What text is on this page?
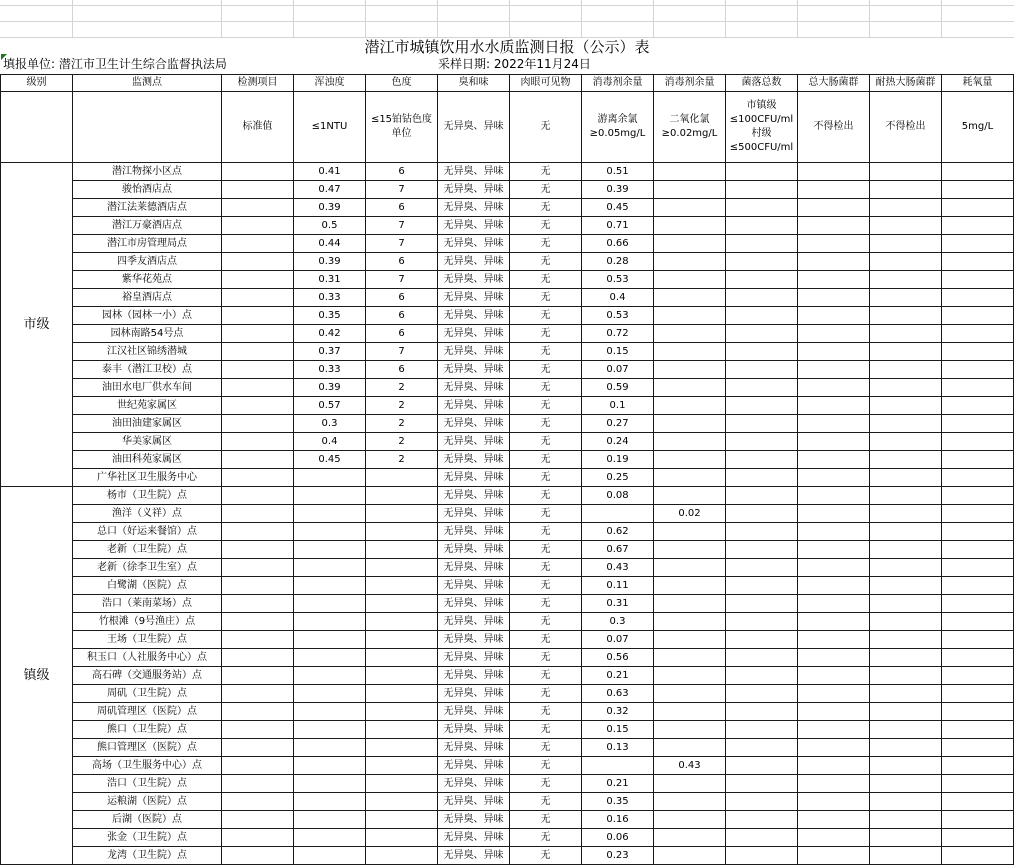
潜江市城镇饮用水水质监测日报（公示）表
填报单位: 潜江市卫生计生综合监督执法局	采样日期: 2022年11月24日
级别	监测点	检测项目	浑浊度	色度	臭和味	肉眼可见物	消毒剂余量	消毒剂余量	菌落总数	总大肠菌群	耐热大肠菌群	耗氧量
		标准值	≤1NTU	≤15铂钴色度单位	无异臭、异味	无	游离余氯≥0.05mg/L	二氧化氯≥0.02mg/L	市镇级≤100CFU/ml 村级≤500CFU/ml	不得检出	不得检出	5mg/L
市级	潜江物探小区点		0.41	6	无异臭、异味	无	0.51					
	骏怡酒店点		0.47	7	无异臭、异味	无	0.39					
	潜江法莱德酒店点		0.39	6	无异臭、异味	无	0.45					
	潜江万豪酒店点		0.5	7	无异臭、异味	无	0.71					
	潜江市房管理局点		0.44	7	无异臭、异味	无	0.66					
	四季友酒店点		0.39	6	无异臭、异味	无	0.28					
	紫华花苑点		0.31	7	无异臭、异味	无	0.53					
	裕皇酒店点		0.33	6	无异臭、异味	无	0.4					
	园林（园林一小）点		0.35	6	无异臭、异味	无	0.53					
	园林南路54号点		0.42	6	无异臭、异味	无	0.72					
	江汉社区锦绣潜城		0.37	7	无异臭、异味	无	0.15					
	泰丰（潜江卫校）点		0.33	6	无异臭、异味	无	0.07					
	油田水电厂供水车间		0.39	2	无异臭、异味	无	0.59					
	世纪苑家属区		0.57	2	无异臭、异味	无	0.1					
	油田油建家属区		0.3	2	无异臭、异味	无	0.27					
	华美家属区		0.4	2	无异臭、异味	无	0.24					
	油田科苑家属区		0.45	2	无异臭、异味	无	0.19					
	广华社区卫生服务中心				无异臭、异味	无	0.25					
镇级	杨市（卫生院）点				无异臭、异味	无	0.08					
	渔洋（义祥）点				无异臭、异味	无		0.02				
	总口（好运来餐馆）点				无异臭、异味	无	0.62					
	老新（卫生院）点				无异臭、异味	无	0.67					
	老新（徐李卫生室）点				无异臭、异味	无	0.43					
	白鹭湖（医院）点				无异臭、异味	无	0.11					
	浩口（莱南菜场）点				无异臭、异味	无	0.31					
	竹根滩（9号渔庄）点				无异臭、异味	无	0.3					
	王场（卫生院）点				无异臭、异味	无	0.07					
	积玉口（人社服务中心）点				无异臭、异味	无	0.56					
	高石碑（交通服务站）点				无异臭、异味	无	0.21					
	周矶（卫生院）点				无异臭、异味	无	0.63					
	周矶管理区（医院）点				无异臭、异味	无	0.32					
	熊口（卫生院）点				无异臭、异味	无	0.15					
	熊口管理区（医院）点				无异臭、异味	无	0.13					
	高场（卫生服务中心）点				无异臭、异味	无		0.43				
	浩口（卫生院）点				无异臭、异味	无	0.21					
	运粮湖（医院）点				无异臭、异味	无	0.35					
	后湖（医院）点				无异臭、异味	无	0.16					
	张金（卫生院）点				无异臭、异味	无	0.06					
	龙湾（卫生院）点				无异臭、异味	无	0.23					
